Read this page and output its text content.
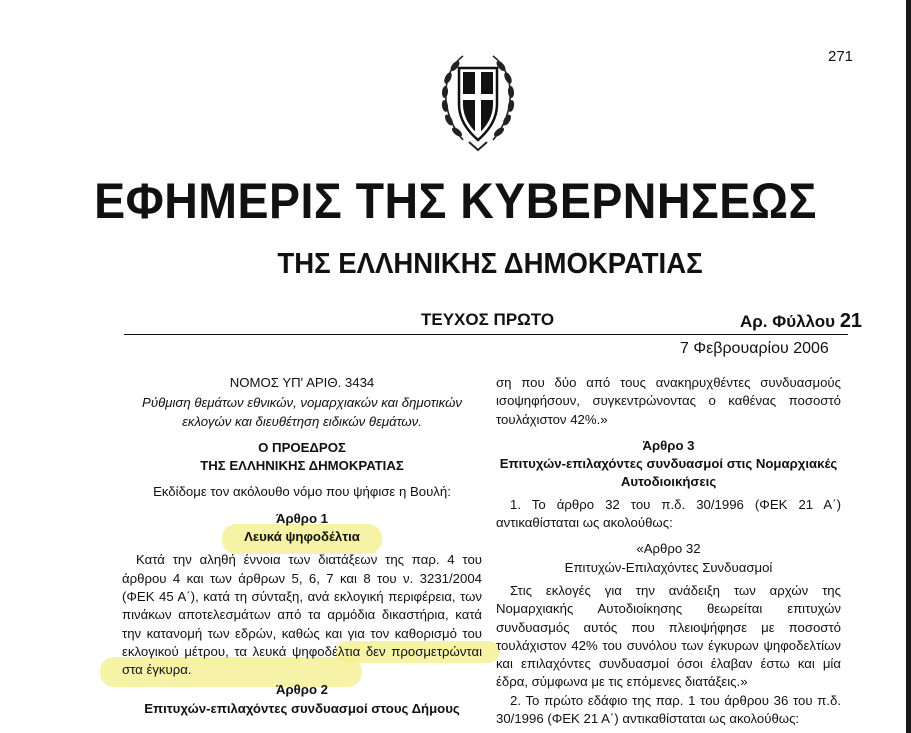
271
ΕΦΗΜΕΡΙΣ ΤΗΣ ΚΥΒΕΡΝΗΣΕΩΣ
ΤΗΣ ΕΛΛΗΝΙΚΗΣ ΔΗΜΟΚΡΑΤΙΑΣ
ΤΕΥΧΟΣ ΠΡΩΤΟ	Αρ. Φύλλου 21
7 Φεβρουαρίου 2006
ΝΟΜΟΣ ΥΠ' ΑΡΙΘ. 3434
Ρύθμιση θεμάτων εθνικών, νομαρχιακών και δημοτικών εκλογών και διευθέτηση ειδικών θεμάτων.
Ο ΠΡΟΕΔΡΟΣ
ΤΗΣ ΕΛΛΗΝΙΚΗΣ ΔΗΜΟΚΡΑΤΙΑΣ
Εκδίδομε τον ακόλουθο νόμο που ψήφισε η Βουλή:
Άρθρο 1
Λευκά ψηφοδέλτια
Κατά την αληθή έννοια των διατάξεων της παρ. 4 του άρθρου 4 και των άρθρων 5, 6, 7 και 8 του ν. 3231/2004 (ΦΕΚ 45 Α΄), κατά τη σύνταξη, ανά εκλογική περιφέρεια, των πινάκων αποτελεσμάτων από τα αρμόδια δικαστήρια, κατά την κατανομή των εδρών, καθώς και για τον καθορισμό του εκλογικού μέτρου, τα λευκά ψηφοδέλτια δεν προσμετρώνται στα έγκυρα.
Άρθρο 2
Επιτυχών-επιλαχόντες συνδυασμοί στους Δήμους
ση που δύο από τους ανακηρυχθέντες συνδυασμούς ισοψηφήσουν, συγκεντρώνοντας ο καθένας ποσοστό τουλάχιστον 42%.»
Άρθρο 3
Επιτυχών-επιλαχόντες συνδυασμοί στις Νομαρχιακές Αυτοδιοικήσεις
1. Το άρθρο 32 του π.δ. 30/1996 (ΦΕΚ 21 Α΄) αντικαθίσταται ως ακολούθως:
«Αρθρο 32
Επιτυχών-Επιλαχόντες Συνδυασμοί
Στις εκλογές για την ανάδειξη των αρχών της Νομαρχιακής Αυτοδιοίκησης θεωρείται επιτυχών συνδυασμός αυτός που πλειοψήφησε με ποσοστό τουλάχιστον 42% του συνόλου των έγκυρων ψηφοδελτίων και επιλαχόντες συνδυασμοί όσοι έλαβαν έστω και μία έδρα, σύμφωνα με τις επόμενες διατάξεις.»
2. Το πρώτο εδάφιο της παρ. 1 του άρθρου 36 του π.δ. 30/1996 (ΦΕΚ 21 Α΄) αντικαθίσταται ως ακολούθως:
